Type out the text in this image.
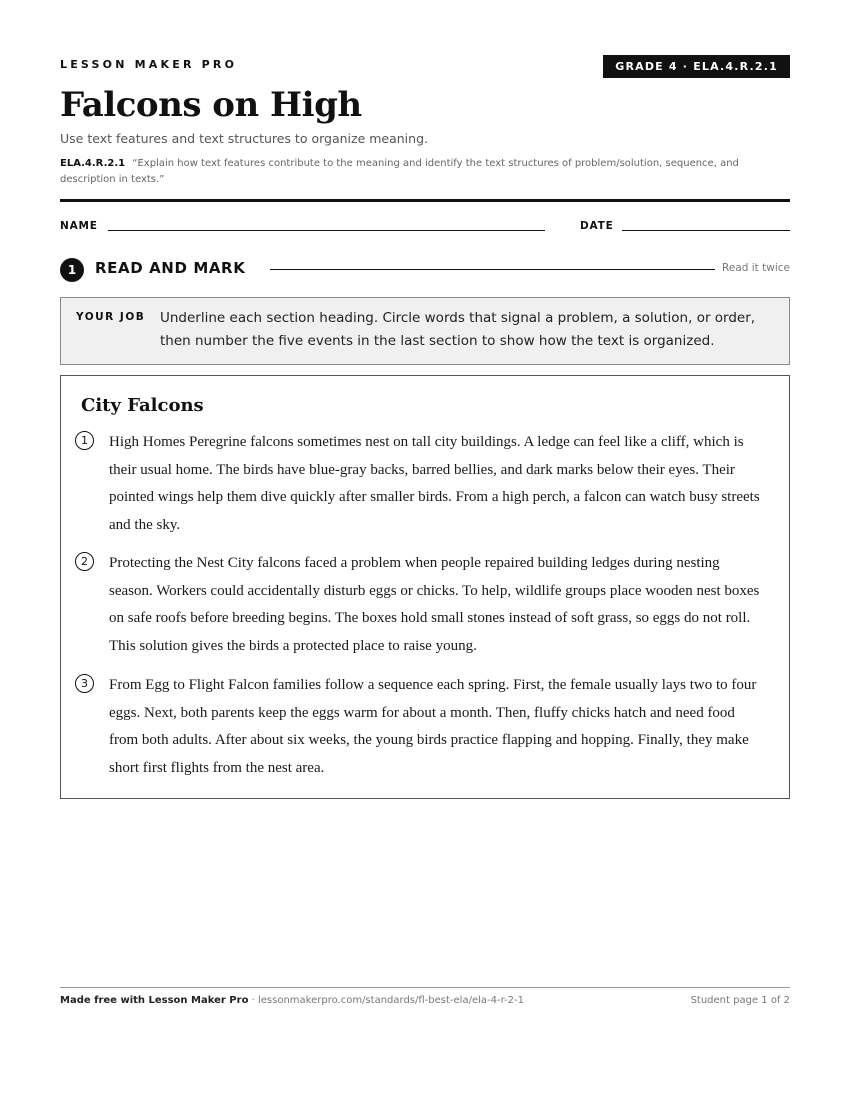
LESSON MAKER PRO	GRADE 4 · ELA.4.R.2.1
Falcons on High
Use text features and text structures to organize meaning.
ELA.4.R.2.1 “Explain how text features contribute to the meaning and identify the text structures of problem/solution, sequence, and description in texts.”
NAME	DATE
1	READ AND MARK	Read it twice
YOUR JOB Underline each section heading. Circle words that signal a problem, a solution, or order, then number the five events in the last section to show how the text is organized.
City Falcons
1	High Homes Peregrine falcons sometimes nest on tall city buildings. A ledge can feel like a cliff, which is their usual home. The birds have blue-gray backs, barred bellies, and dark marks below their eyes. Their pointed wings help them dive quickly after smaller birds. From a high perch, a falcon can watch busy streets and the sky.
2	Protecting the Nest City falcons faced a problem when people repaired building ledges during nesting season. Workers could accidentally disturb eggs or chicks. To help, wildlife groups place wooden nest boxes on safe roofs before breeding begins. The boxes hold small stones instead of soft grass, so eggs do not roll. This solution gives the birds a protected place to raise young.
3	From Egg to Flight Falcon families follow a sequence each spring. First, the female usually lays two to four eggs. Next, both parents keep the eggs warm for about a month. Then, fluffy chicks hatch and need food from both adults. After about six weeks, the young birds practice flapping and hopping. Finally, they make short first flights from the nest area.
Made free with Lesson Maker Pro · lessonmakerpro.com/standards/fl-best-ela/ela-4-r-2-1	Student page 1 of 2
